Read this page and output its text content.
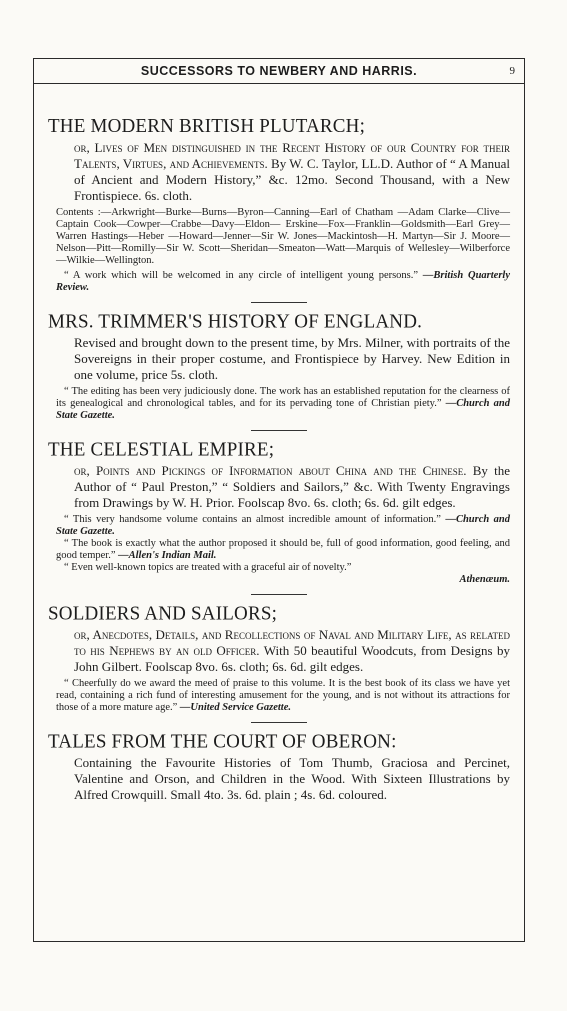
SUCCESSORS TO NEWBERY AND HARRIS.	9
THE MODERN BRITISH PLUTARCH;
or, Lives of Men distinguished in the Recent History of our Country for their Talents, Virtues, and Achievements. By W. C. Taylor, LL.D. Author of “ A Manual of Ancient and Modern History,” &c. 12mo. Second Thousand, with a New Frontispiece. 6s. cloth.
Contents :—Arkwright—Burke—Burns—Byron—Canning—Earl of Chatham —Adam Clarke—Clive—Captain Cook—Cowper—Crabbe—Davy—Eldon— Erskine—Fox—Franklin—Goldsmith—Earl Grey—Warren Hastings—Heber —Howard—Jenner—Sir W. Jones—Mackintosh—H. Martyn—Sir J. Moore— Nelson—Pitt—Romilly—Sir W. Scott—Sheridan—Smeaton—Watt—Marquis of Wellesley—Wilberforce—Wilkie—Wellington.
“ A work which will be welcomed in any circle of intelligent young persons.” —British Quarterly Review.
MRS. TRIMMER'S HISTORY OF ENGLAND.
Revised and brought down to the present time, by Mrs. Milner, with portraits of the Sovereigns in their proper costume, and Frontispiece by Harvey. New Edition in one volume, price 5s. cloth.
“ The editing has been very judiciously done. The work has an established reputation for the clearness of its genealogical and chronological tables, and for its pervading tone of Christian piety.” —Church and State Gazette.
THE CELESTIAL EMPIRE;
or, Points and Pickings of Information about China and the Chinese. By the Author of “ Paul Preston,” “ Soldiers and Sailors,” &c. With Twenty Engravings from Drawings by W. H. Prior. Foolscap 8vo. 6s. cloth; 6s. 6d. gilt edges.
“ This very handsome volume contains an almost incredible amount of information.” —Church and State Gazette.
“ The book is exactly what the author proposed it should be, full of good information, good feeling, and good temper.” —Allen's Indian Mail.
“ Even well-known topics are treated with a graceful air of novelty.”
Athenæum.
SOLDIERS AND SAILORS;
or, Anecdotes, Details, and Recollections of Naval and Military Life, as related to his Nephews by an old Officer. With 50 beautiful Woodcuts, from Designs by John Gilbert. Foolscap 8vo. 6s. cloth; 6s. 6d. gilt edges.
“ Cheerfully do we award the meed of praise to this volume. It is the best book of its class we have yet read, containing a rich fund of interesting amusement for the young, and is not without its attractions for those of a more mature age.” —United Service Gazette.
TALES FROM THE COURT OF OBERON:
Containing the Favourite Histories of Tom Thumb, Graciosa and Percinet, Valentine and Orson, and Children in the Wood. With Sixteen Illustrations by Alfred Crowquill. Small 4to. 3s. 6d. plain ; 4s. 6d. coloured.
